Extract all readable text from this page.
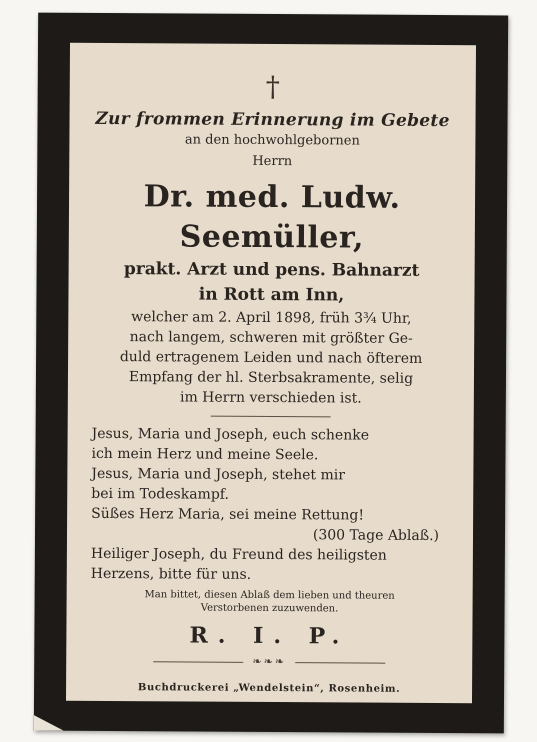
†
Zur frommen Erinnerung im Gebete
an den hochwohlgebornen
Herrn
Dr. med. Ludw. Seemüller,
prakt. Arzt und pens. Bahnarzt
in Rott am Inn,

welcher am 2. April 1898, früh 3¾ Uhr,

nach langem, schweren mit größter Ge-

duld ertragenem Leiden und nach öfterem

Empfang der hl. Sterbsakramente, selig

im Herrn verschieden ist.

Jesus, Maria und Joseph, euch schenke

ich mein Herz und meine Seele.

Jesus, Maria und Joseph, stehet mir

bei im Todeskampf.

Süßes Herz Maria, sei meine Rettung!

(300 Tage Ablaß.)

Heiliger Joseph, du Freund des heiligsten

Herzens, bitte für uns.

Man bittet, diesen Ablaß dem lieben und theuren
Verstorbenen zuzuwenden.
R. I. P.
❧❧❧
Buchdruckerei „Wendelstein“, Rosenheim.
